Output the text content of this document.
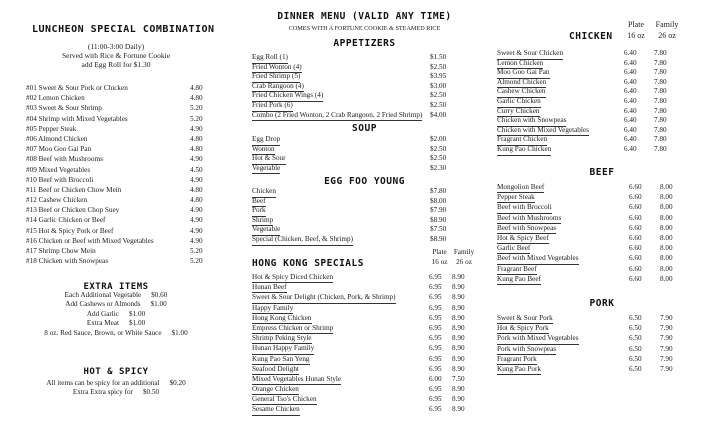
LUNCHEON SPECIAL COMBINATION
(11:00-3:00 Daily)
Served with Rice & Fortune Cookie
add Egg Roll for $1.30
#01 Sweet & Sour Pork or Chicken	4.80
#02 Lemon Chicken	4.80
#03 Sweet & Sour Shrimp	5.20
#04 Shrimp with Mixed Vegetables	5.20
#05 Pepper Steak	4.90
#06 Almond Chicken	4.80
#07 Moo Goo Gai Pan	4.80
#08 Beef with Mushrooms	4.90
#09 Mixed Vegetables	4.50
#10 Beef with Broccoli	4.90
#11 Beef or Chicken Chow Mein	4.80
#12 Cashew Chicken	4.80
#13 Beef or Chicken Chop Suey	4.90
#14 Garlic Chicken or Beef	4.90
#15 Hot & Spicy Pork or Beef	4.90
#16 Chicken or Beef with Mixed Vegetables	4.90
#17 Shrimp Chow Mein	5.20
#18 Chicken with Snowpeas	5.20
EXTRA ITEMS
Each Additional Vegetable $0.60
Add Cashews or Almonds $1.00
Add Garlic $1.00
Extra Meat $1.00
8 oz. Red Sauce, Brown, or White Sauce $1.00
HOT & SPICY
All items can be spicy for an additional $0.20
Extra Extra spicy for $0.50
DINNER MENU (VALID ANY TIME)
COMES WITH A FORTUNE COOKIE & STEAMED RICE
APPETIZERS
Egg Roll (1)	$1.50
Fried Wonton (4)	$2.50
Fried Shrimp (5)	$3.95
Crab Rangoon (4)	$3.00
Fried Chicken Wings (4)	$2.50
Fried Pork (6)	$2.50
Combo (2 Fried Wonton, 2 Crab Rangoon, 2 Fried Shrimp) $4.00
SOUP
Egg Drop	$2.00
Wonton	$2.50
Hot & Sour	$2.50
Vegetable	$2.30
EGG FOO YOUNG
Chicken	$7.80
Beef	$8.00
Pork	$7.90
Shrimp	$8.90
Vegetable	$7.50
Special (Chicken, Beef, & Shrimp)	$8.90
HONG KONG SPECIALS
Plate Family
16 oz	26 oz
Hot & Spicy Diced Chicken	6.95 8.90
Hunan Beef	6.95 8.90
Sweet & Sour Delight (Chicken, Pork, & Shrimp)	6.95 8.90
Happy Family	6.95 8.90
Hong Kong Chicken	6.95 8.90
Empress Chicken or Shrimp	6.95 8.90
Shrimp Peking Style	6.95 8.90
Hunan Happy Family	6.95 8.90
Kung Pao San Yeng	6.95 8.90
Seafood Delight	6.95 8.90
Mixed Vegetables Hunan Style	6.00 7.50
Orange Chicken	6.95 8.90
General Tso's Chicken	6.95 8.90
Sesame Chicken	6.95 8.90
Plate	Family
16 oz	26 oz
CHICKEN
Sweet & Sour Chicken	6.40 7.80
Lemon Chicken	6.40 7.80
Moo Goo Gai Pan	6.40 7.80
Almond Chicken	6.40 7.80
Cashew Chicken	6.40 7.80
Garlic Chicken	6.40 7.80
Curry Chicken	6.40 7.80
Chicken with Snowpeas	6.40 7.80
Chicken with Mixed Vegetables	6.40 7.80
Fragrant Chicken	6.40 7.80
Kung Pao Chicken	6.40 7.80
BEEF
Mongolion Beef	6.60	8.00
Pepper Steak	6.60	8.00
Beef with Broccoli	6.60	8.00
Beef with Mushrooms	6.60	8.00
Beef with Snowpeas	6.60	8.00
Hot & Spicy Beef	6.60	8.00
Garlic Beef	6.60	8.00
Beef with Mixed Vegetables	6.60	8.00
Fragrant Beef	6.60	8.00
Kung Pao Beef	6.60	8.00
PORK
Sweet & Sour Pork	6.50	7.90
Hot & Spicy Pork	6.50	7.90
Pork with Mixed Vegetables	6.50	7.90
Pork with Snowpeas	6.50	7.90
Fragrant Pork	6.50	7.90
Kung Pao Pork	6.50	7.90
